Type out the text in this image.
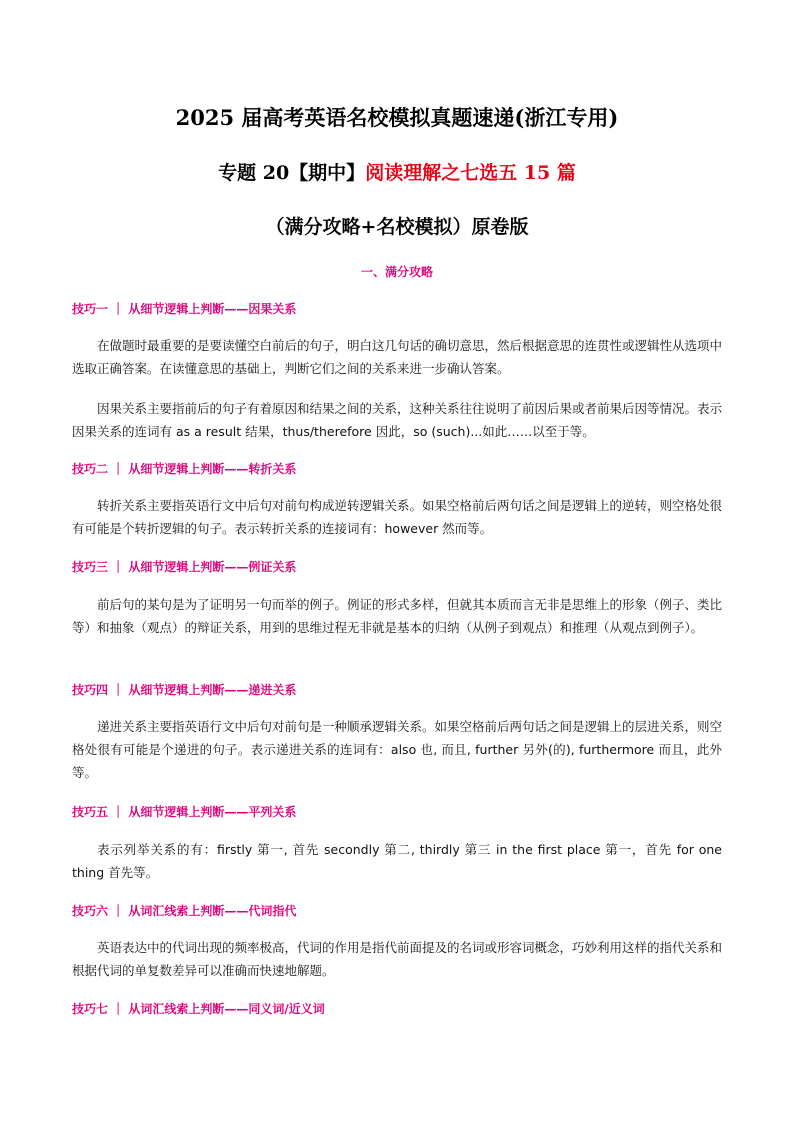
2025 届高考英语名校模拟真题速递(浙江专用)
专题 20【期中】阅读理解之七选五 15 篇
（满分攻略+名校模拟）原卷版
一、满分攻略
技巧一 ｜ 从细节逻辑上判断——因果关系
在做题时最重要的是要读懂空白前后的句子，明白这几句话的确切意思，然后根据意思的连贯性或逻辑性从选项中选取正确答案。在读懂意思的基础上，判断它们之间的关系来进一步确认答案。
因果关系主要指前后的句子有着原因和结果之间的关系，这种关系往往说明了前因后果或者前果后因等情况。表示因果关系的连词有 as a result 结果，thus/therefore 因此，so (such)...如此……以至于等。
技巧二 ｜ 从细节逻辑上判断——转折关系
转折关系主要指英语行文中后句对前句构成逆转逻辑关系。如果空格前后两句话之间是逻辑上的逆转，则空格处很有可能是个转折逻辑的句子。表示转折关系的连接词有：however 然而等。
技巧三 ｜ 从细节逻辑上判断——例证关系
前后句的某句是为了证明另一句而举的例子。例证的形式多样，但就其本质而言无非是思维上的形象（例子、类比等）和抽象（观点）的辩证关系，用到的思维过程无非就是基本的归纳（从例子到观点）和推理（从观点到例子）。
技巧四 ｜ 从细节逻辑上判断——递进关系
递进关系主要指英语行文中后句对前句是一种顺承逻辑关系。如果空格前后两句话之间是逻辑上的层进关系，则空格处很有可能是个递进的句子。表示递进关系的连词有：also 也, 而且, further 另外(的), furthermore 而且，此外等。
技巧五 ｜ 从细节逻辑上判断——平列关系
表示列举关系的有：firstly 第一, 首先 secondly 第二, thirdly 第三 in the first place 第一，首先 for one thing 首先等。
技巧六 ｜ 从词汇线索上判断——代词指代
英语表达中的代词出现的频率极高，代词的作用是指代前面提及的名词或形容词概念，巧妙利用这样的指代关系和根据代词的单复数差异可以准确而快速地解题。
技巧七 ｜ 从词汇线索上判断——同义词/近义词
